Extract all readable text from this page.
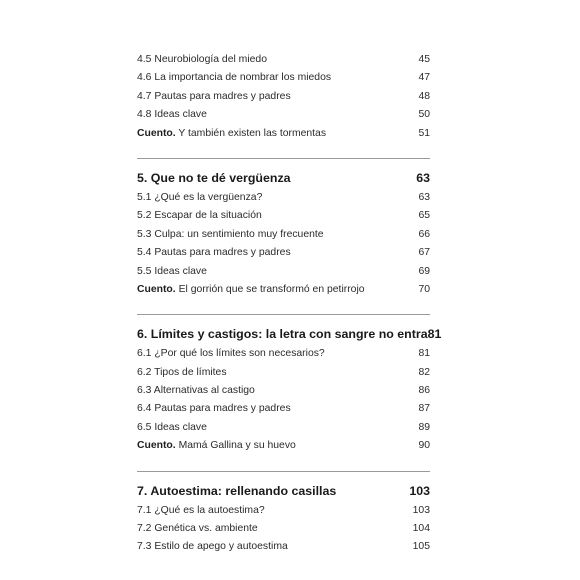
4.5 Neurobiología del miedo	45
4.6 La importancia de nombrar los miedos	47
4.7 Pautas para madres y padres	48
4.8 Ideas clave	50
Cuento. Y también existen las tormentas	51
5. Que no te dé vergüenza	63
5.1 ¿Qué es la vergüenza?	63
5.2 Escapar de la situación	65
5.3 Culpa: un sentimiento muy frecuente	66
5.4 Pautas para madres y padres	67
5.5 Ideas clave	69
Cuento. El gorrión que se transformó en petirrojo	70
6. Límites y castigos: la letra con sangre no entra 81
6.1 ¿Por qué los límites son necesarios?	81
6.2 Tipos de límites	82
6.3 Alternativas al castigo	86
6.4 Pautas para madres y padres	87
6.5 Ideas clave	89
Cuento. Mamá Gallina y su huevo	90
7. Autoestima: rellenando casillas	103
7.1 ¿Qué es la autoestima?	103
7.2 Genética vs. ambiente	104
7.3 Estilo de apego y autoestima	105
